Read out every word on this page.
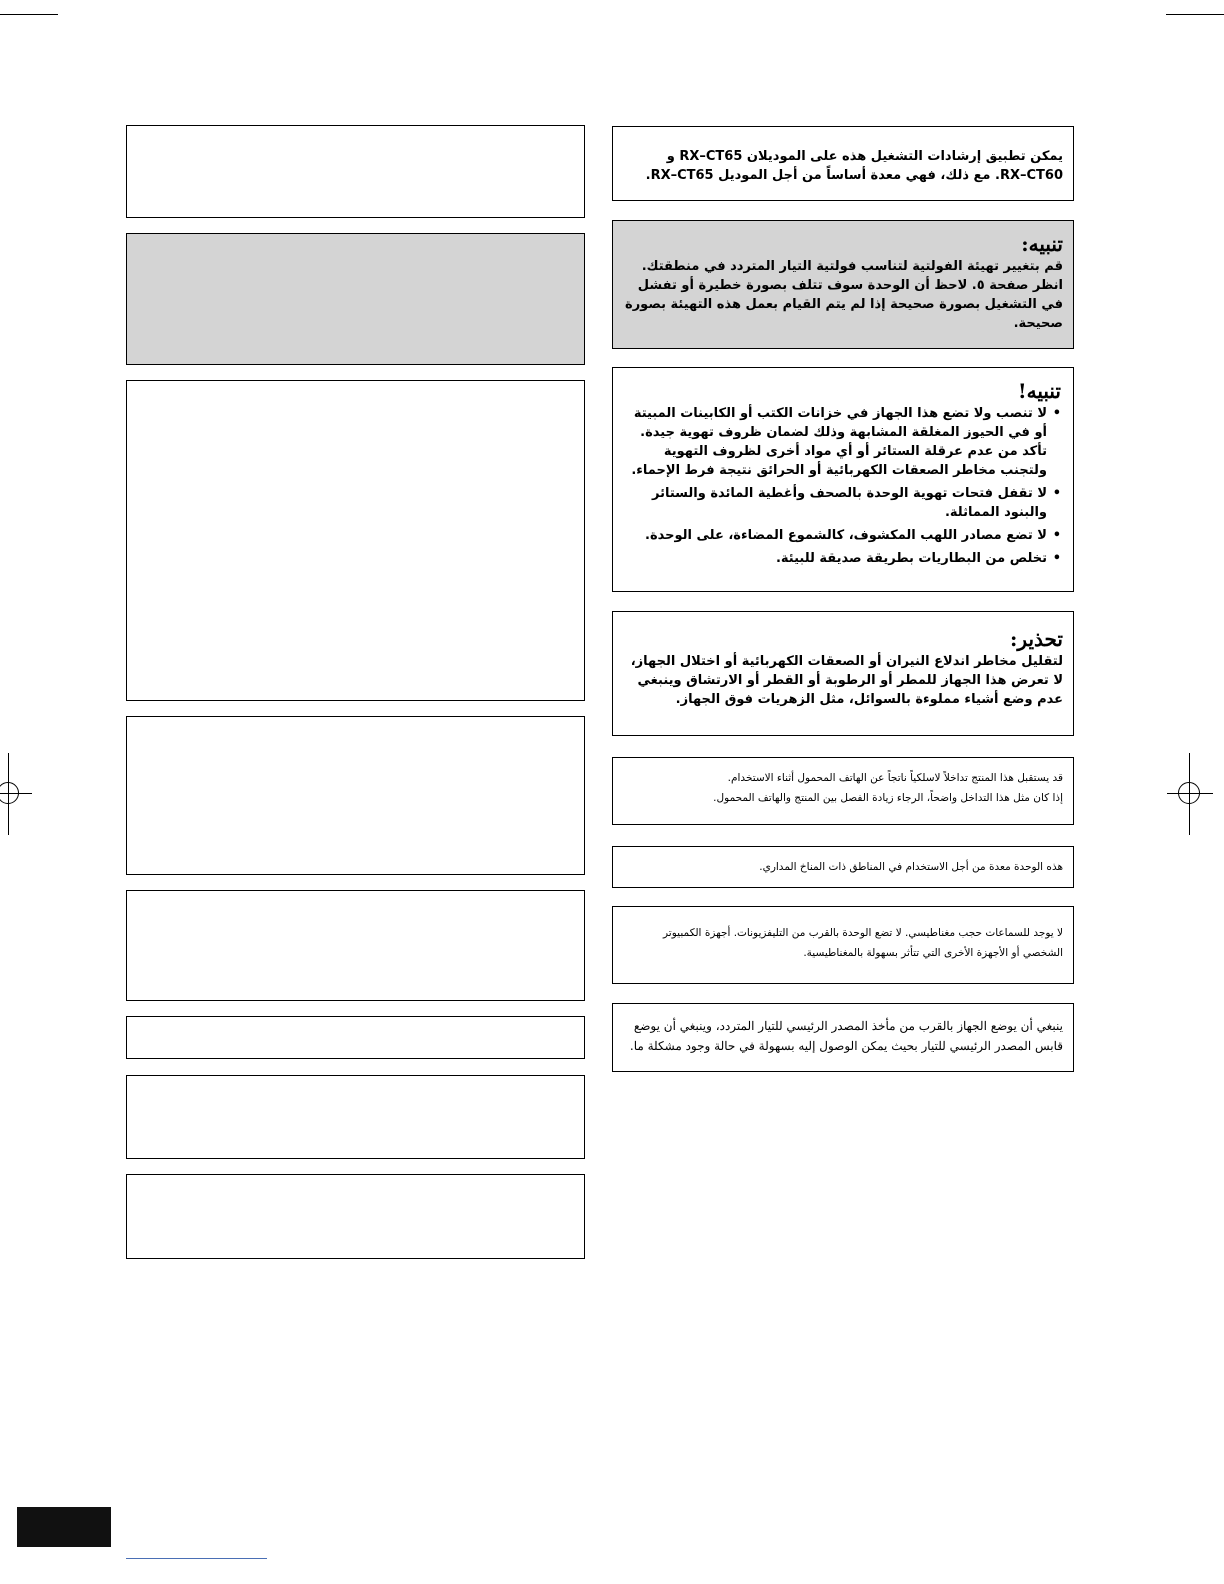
يمكن تطبيق إرشادات التشغيل هذه على الموديلان RX–CT65 و

RX–CT60. مع ذلك، فهي معدة أساساً من أجل الموديل RX–CT65.

تنبيه:

قم بتغيير تهيئة الفولتية لتناسب فولتية التيار المتردد في منطقتك. انظر صفحة ٥. لاحظ أن الوحدة سوف تتلف بصورة خطيرة أو تفشل في التشغيل بصورة صحيحة إذا لم يتم القيام بعمل هذه التهيئة بصورة صحيحة.

تنبيه!
• لا تنصب ولا تضع هذا الجهاز في خزانات الكتب أو الكابينات المبيتة أو في الحيوز المغلقة المشابهة وذلك لضمان ظروف تهوية جيدة. تأكد من عدم عرقلة الستائر أو أي مواد أخرى لظروف التهوية ولتجنب مخاطر الصعقات الكهربائية أو الحرائق نتيجة فرط الإحماء.
• لا تقفل فتحات تهوية الوحدة بالصحف وأغطية المائدة والستائر والبنود المماثلة.
• لا تضع مصادر اللهب المكشوف، كالشموع المضاءة، على الوحدة.
• تخلص من البطاريات بطريقة صديقة للبيئة.
تحذير:

لتقليل مخاطر اندلاع النيران أو الصعقات الكهربائية أو اختلال الجهاز، لا تعرض هذا الجهاز للمطر أو الرطوبة أو القطر أو الارتشاق وينبغي عدم وضع أشياء مملوءة بالسوائل، مثل الزهريات فوق الجهاز.

قد يستقبل هذا المنتج تداخلاً لاسلكياً ناتجاً عن الهاتف المحمول أثناء الاستخدام.

إذا كان مثل هذا التداخل واضحاً، الرجاء زيادة الفصل بين المنتج والهاتف المحمول.

هذه الوحدة معدة من أجل الاستخدام في المناطق ذات المناخ المداري.

لا يوجد للسماعات حجب مغناطيسي. لا تضع الوحدة بالقرب من التليفزيونات. أجهزة الكمبيوتر الشخصي أو الأجهزة الأخرى التي تتأثر بسهولة بالمغناطيسية.

ينبغي أن يوضع الجهاز بالقرب من مأخذ المصدر الرئيسي للتيار المتردد، وينبغي أن يوضع قابس المصدر الرئيسي للتيار بحيث يمكن الوصول إليه بسهولة في حالة وجود مشكلة ما.
